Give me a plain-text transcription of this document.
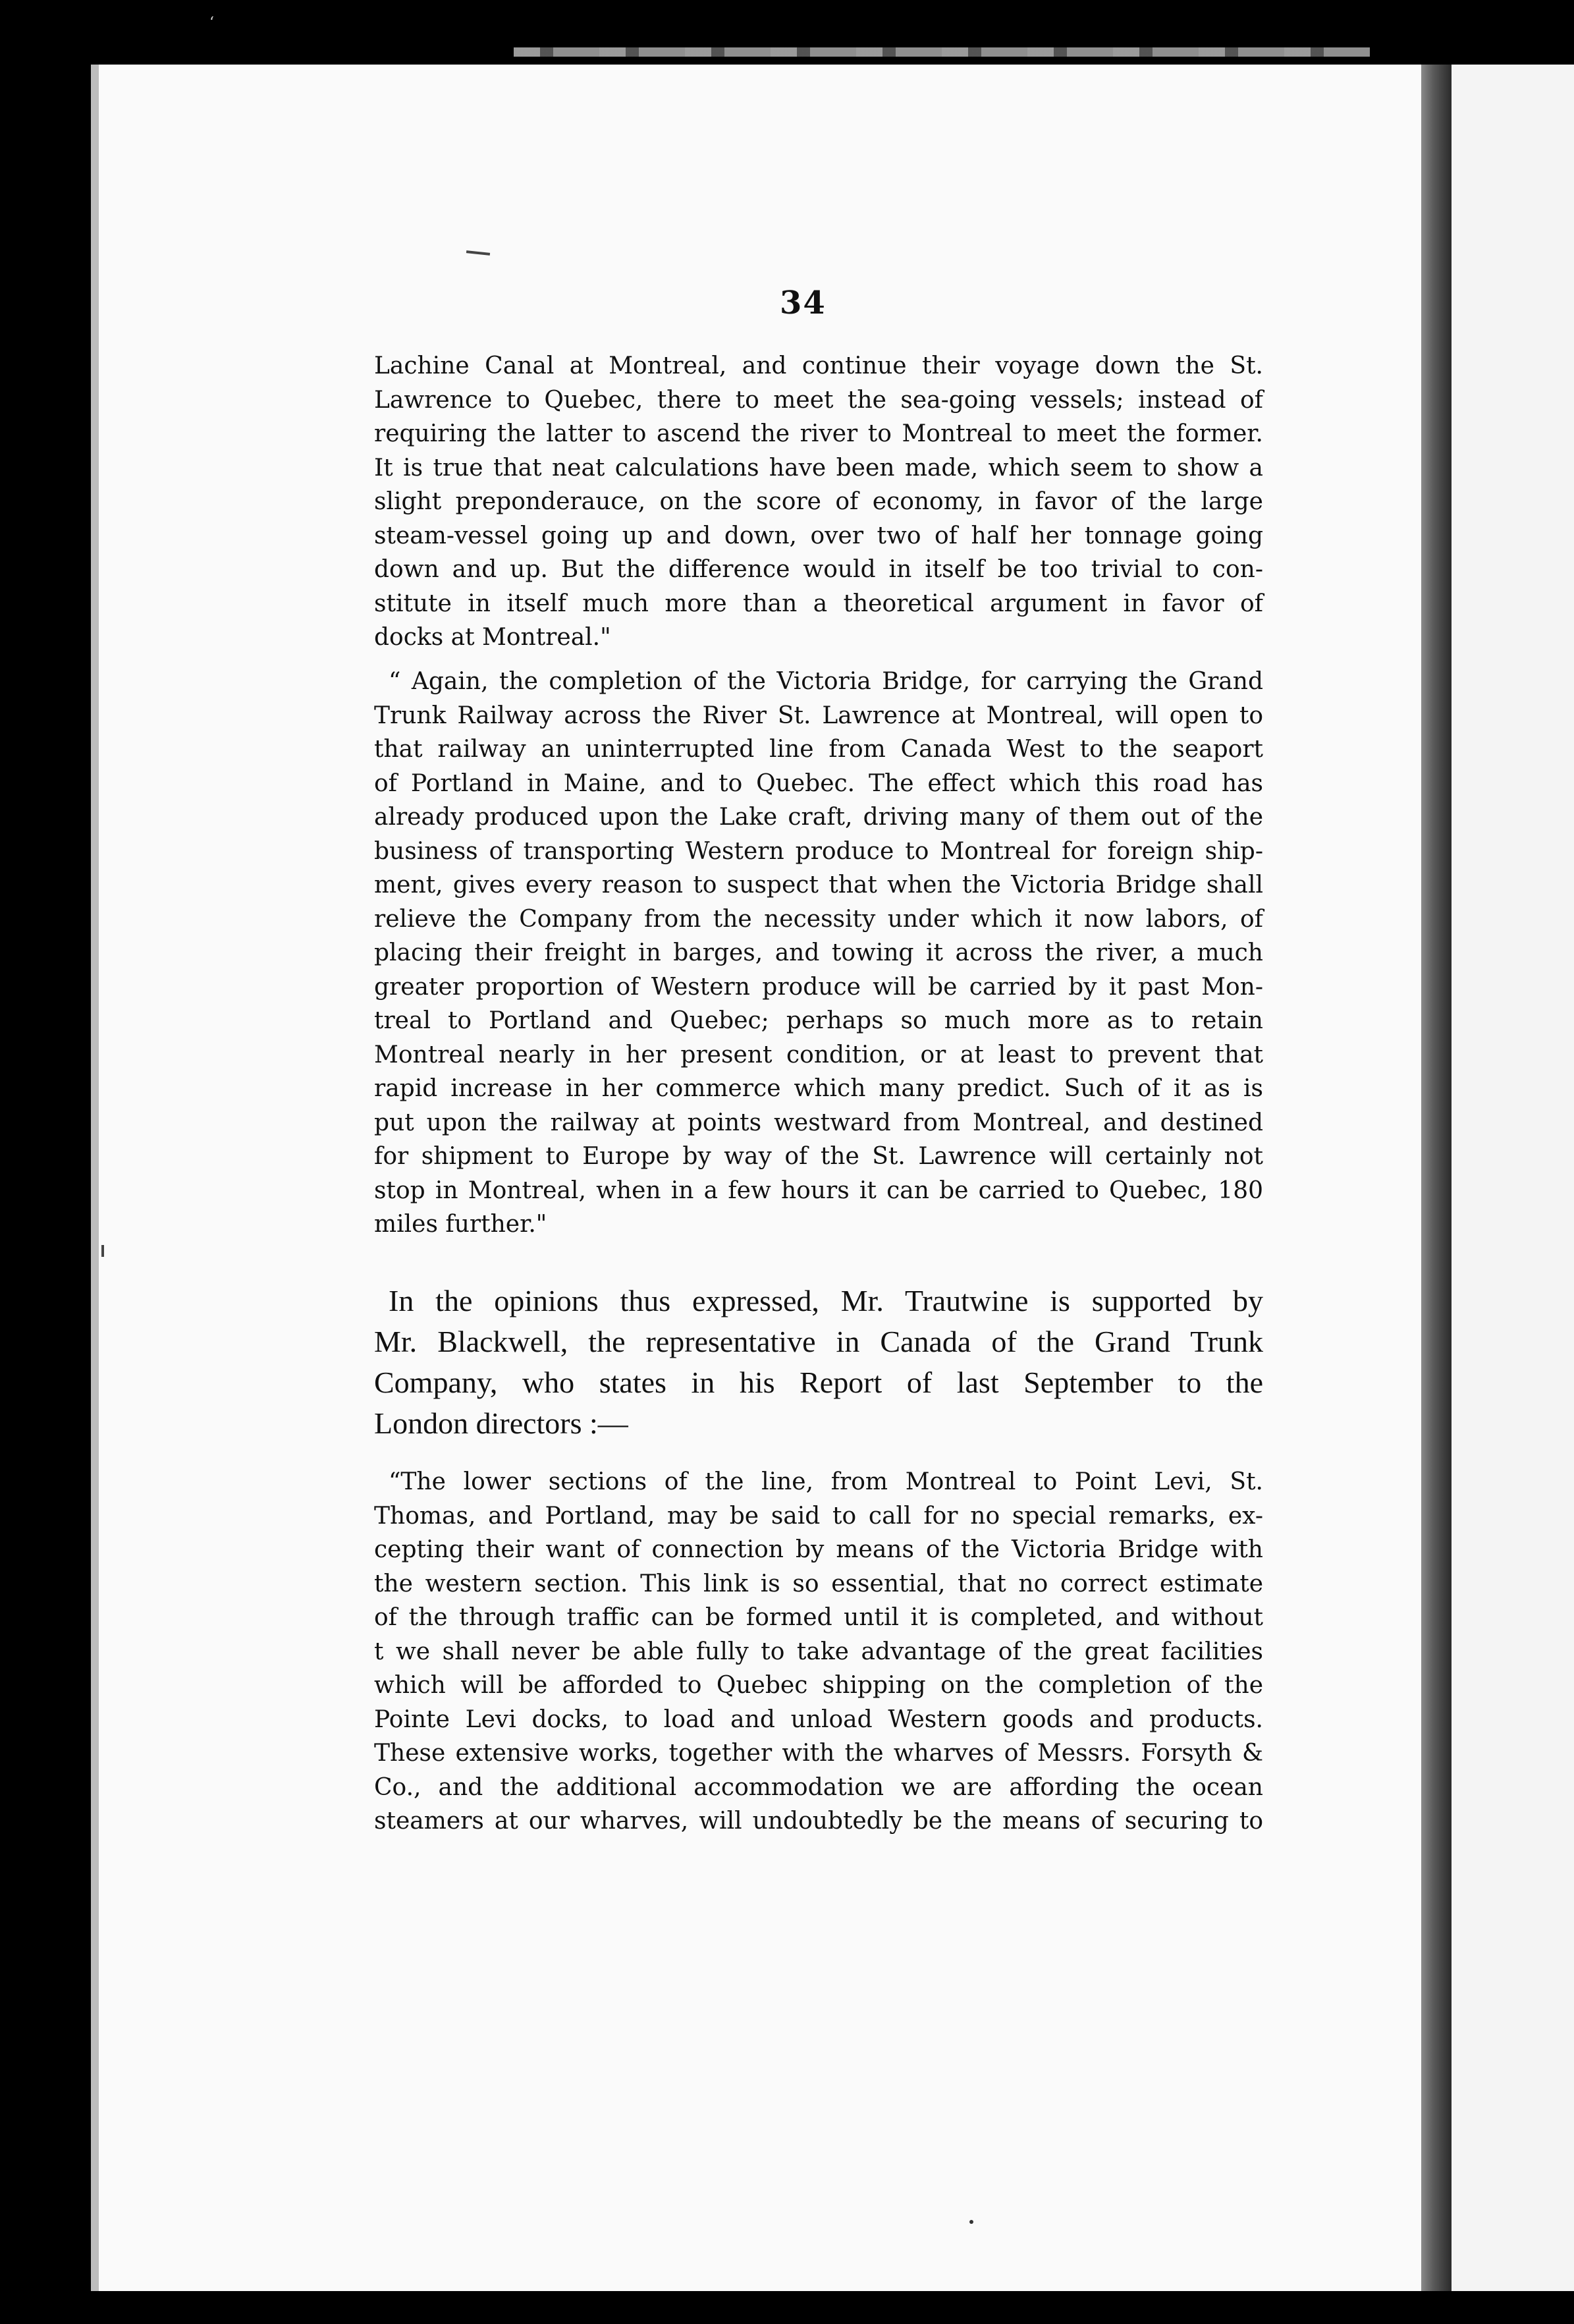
‘
34
Lachine Canal at Montreal, and continue their voyage down the St.
Lawrence to Quebec, there to meet the sea-going vessels; instead of
requiring the latter to ascend the river to Montreal to meet the former.
It is true that neat calculations have been made, which seem to show a
slight preponderauce, on the score of economy, in favor of the large
steam-vessel going up and down, over two of half her tonnage going
down and up. But the difference would in itself be too trivial to con-
stitute in itself much more than a theoretical argument in favor of
docks at Montreal."
“ Again, the completion of the Victoria Bridge, for carrying the Grand
Trunk Railway across the River St. Lawrence at Montreal, will open to
that railway an uninterrupted line from Canada West to the seaport
of Portland in Maine, and to Quebec. The effect which this road has
already produced upon the Lake craft, driving many of them out of the
business of transporting Western produce to Montreal for foreign ship-
ment, gives every reason to suspect that when the Victoria Bridge shall
relieve the Company from the necessity under which it now labors, of
placing their freight in barges, and towing it across the river, a much
greater proportion of Western produce will be carried by it past Mon-
treal to Portland and Quebec; perhaps so much more as to retain
Montreal nearly in her present condition, or at least to prevent that
rapid increase in her commerce which many predict. Such of it as is
put upon the railway at points westward from Montreal, and destined
for shipment to Europe by way of the St. Lawrence will certainly not
stop in Montreal, when in a few hours it can be carried to Quebec, 180
miles further."
In the opinions thus expressed, Mr. Trautwine is supported by
Mr. Blackwell, the representative in Canada of the Grand Trunk
Company, who states in his Report of last September to the
London directors :—
“The lower sections of the line, from Montreal to Point Levi, St.
Thomas, and Portland, may be said to call for no special remarks, ex-
cepting their want of connection by means of the Victoria Bridge with
the western section. This link is so essential, that no correct estimate
of the through traffic can be formed until it is completed, and without
t we shall never be able fully to take advantage of the great facilities
which will be afforded to Quebec shipping on the completion of the
Pointe Levi docks, to load and unload Western goods and products.
These extensive works, together with the wharves of Messrs. Forsyth &
Co., and the additional accommodation we are affording the ocean
steamers at our wharves, will undoubtedly be the means of securing to
